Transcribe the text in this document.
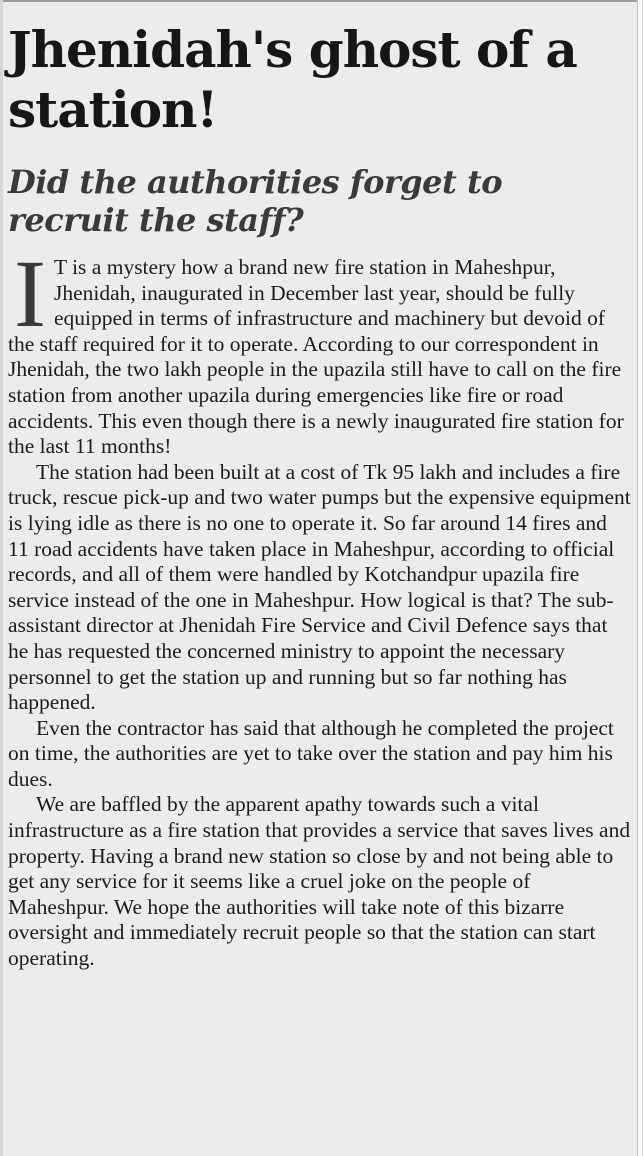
Jhenidah's ghost of a station!
Did the authorities forget to recruit the staff?

I T is a mystery how a brand new fire station in Maheshpur, Jhenidah, inaugurated in December last year, should be fully equipped in terms of infrastructure and machinery but devoid of the staff required for it to operate. According to our correspondent in Jhenidah, the two lakh people in the upazila still have to call on the fire station from another upazila during emergencies like fire or road accidents. This even though there is a newly inaugurated fire station for the last 11 months!

The station had been built at a cost of Tk 95 lakh and includes a fire truck, rescue pick-up and two water pumps but the expensive equipment is lying idle as there is no one to operate it. So far around 14 fires and 11 road accidents have taken place in Maheshpur, according to official records, and all of them were handled by Kotchandpur upazila fire service instead of the one in Maheshpur. How logical is that? The sub-assistant director at Jhenidah Fire Service and Civil Defence says that he has requested the concerned ministry to appoint the necessary personnel to get the station up and running but so far nothing has happened.

Even the contractor has said that although he completed the project on time, the authorities are yet to take over the station and pay him his dues.

We are baffled by the apparent apathy towards such a vital infrastructure as a fire station that provides a service that saves lives and property. Having a brand new station so close by and not being able to get any service for it seems like a cruel joke on the people of Maheshpur. We hope the authorities will take note of this bizarre oversight and immediately recruit people so that the station can start operating.
